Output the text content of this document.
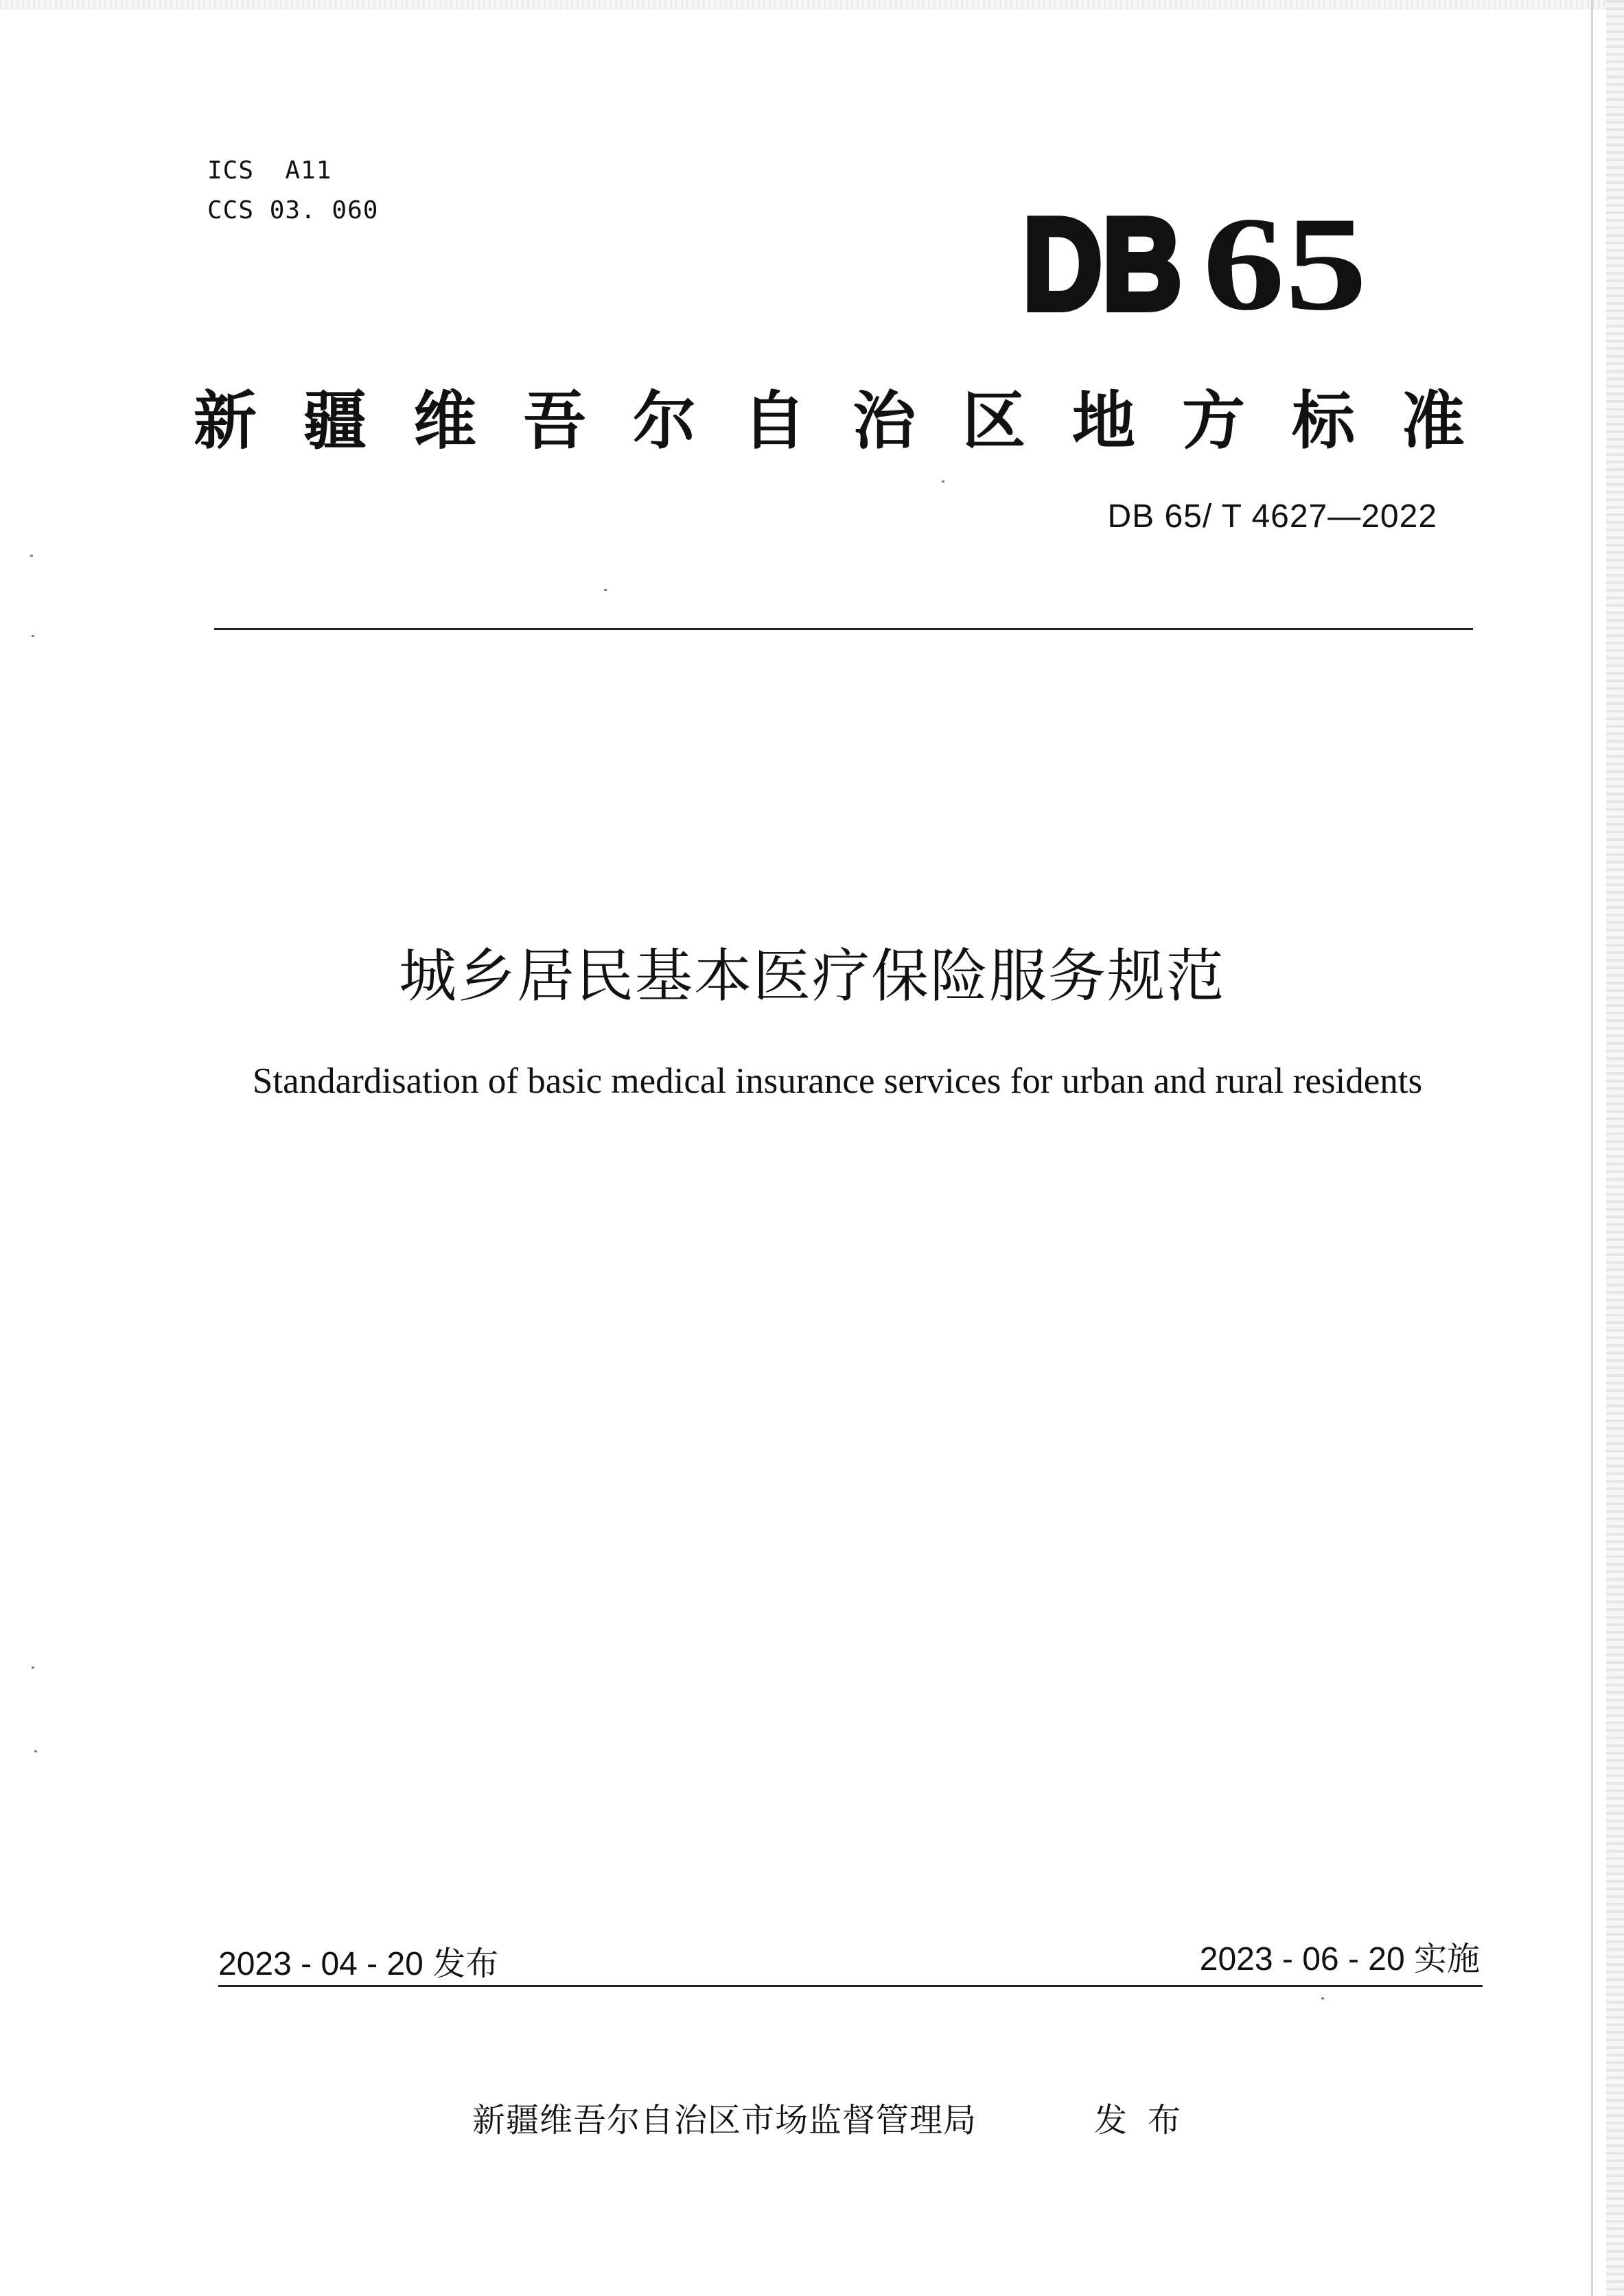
ICS  A11
CCS 03. 060	DB 65
新疆维吾尔自治区地方标准
DB 65/ T 4627—2022
城乡居民基本医疗保险服务规范
Standardisation of basic medical insurance services for urban and rural residents
2023 - 04 - 20 发布	2023 - 06 - 20 实施
新疆维吾尔自治区市场监督管理局	发布
